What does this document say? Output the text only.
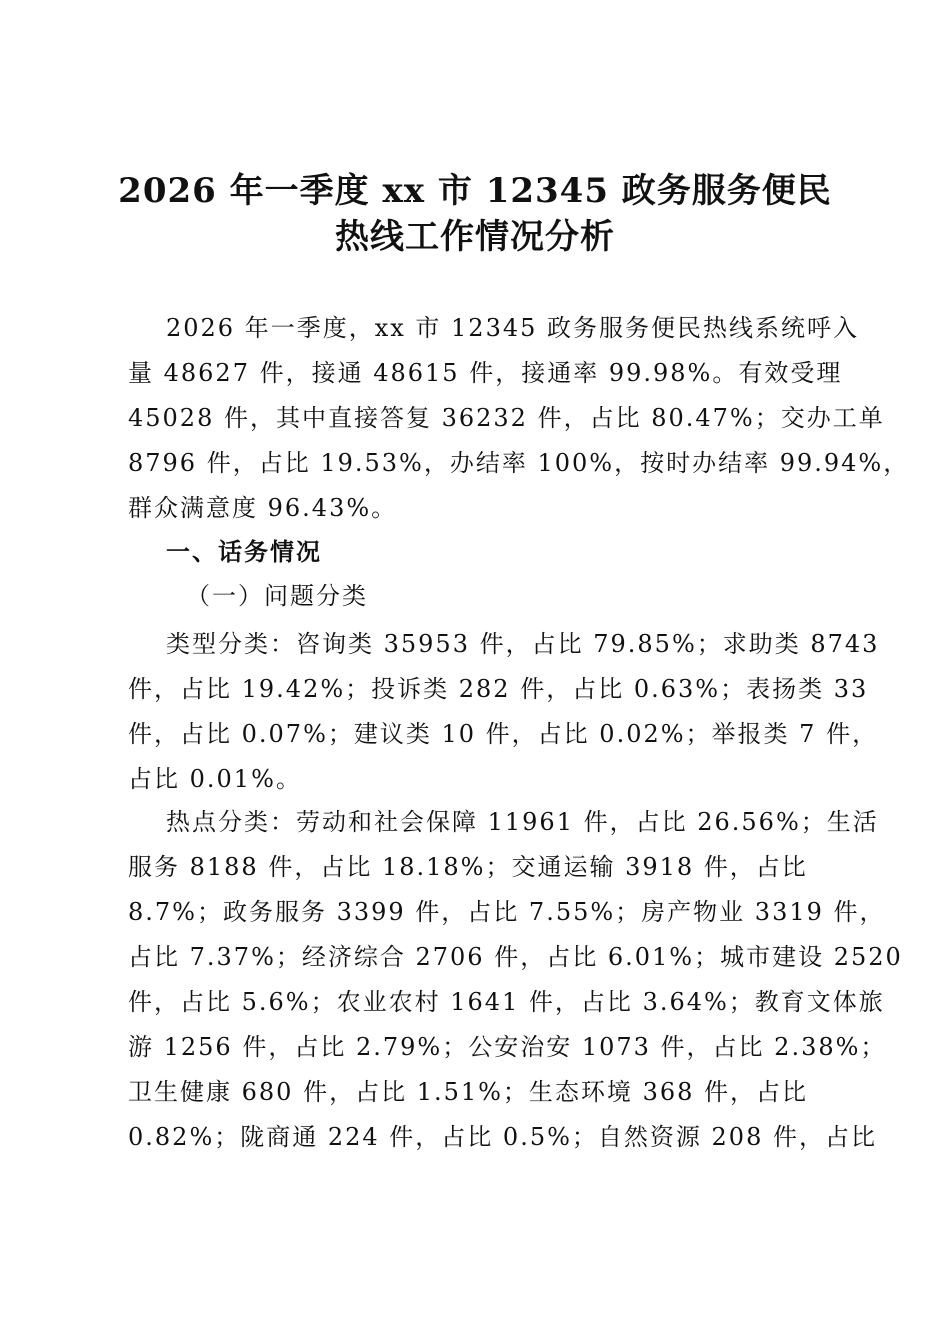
2026 年一季度 xx 市 12345 政务服务便民
热线工作情况分析

2026 年一季度，xx 市 12345 政务服务便民热线系统呼入

量 48627 件，接通 48615 件，接通率 99.98%。有效受理

45028 件，其中直接答复 36232 件，占比 80.47%；交办工单

8796 件，占比 19.53%，办结率 100%，按时办结率 99.94%，

群众满意度 96.43%。

一、话务情况

（一）问题分类

类型分类：咨询类 35953 件，占比 79.85%；求助类 8743

件，占比 19.42%；投诉类 282 件，占比 0.63%；表扬类 33

件，占比 0.07%；建议类 10 件，占比 0.02%；举报类 7 件，

占比 0.01%。

热点分类：劳动和社会保障 11961 件，占比 26.56%；生活

服务 8188 件，占比 18.18%；交通运输 3918 件，占比

8.7%；政务服务 3399 件，占比 7.55%；房产物业 3319 件，

占比 7.37%；经济综合 2706 件，占比 6.01%；城市建设 2520

件，占比 5.6%；农业农村 1641 件，占比 3.64%；教育文体旅

游 1256 件，占比 2.79%；公安治安 1073 件，占比 2.38%；

卫生健康 680 件，占比 1.51%；生态环境 368 件，占比

0.82%；陇商通 224 件，占比 0.5%；自然资源 208 件，占比
